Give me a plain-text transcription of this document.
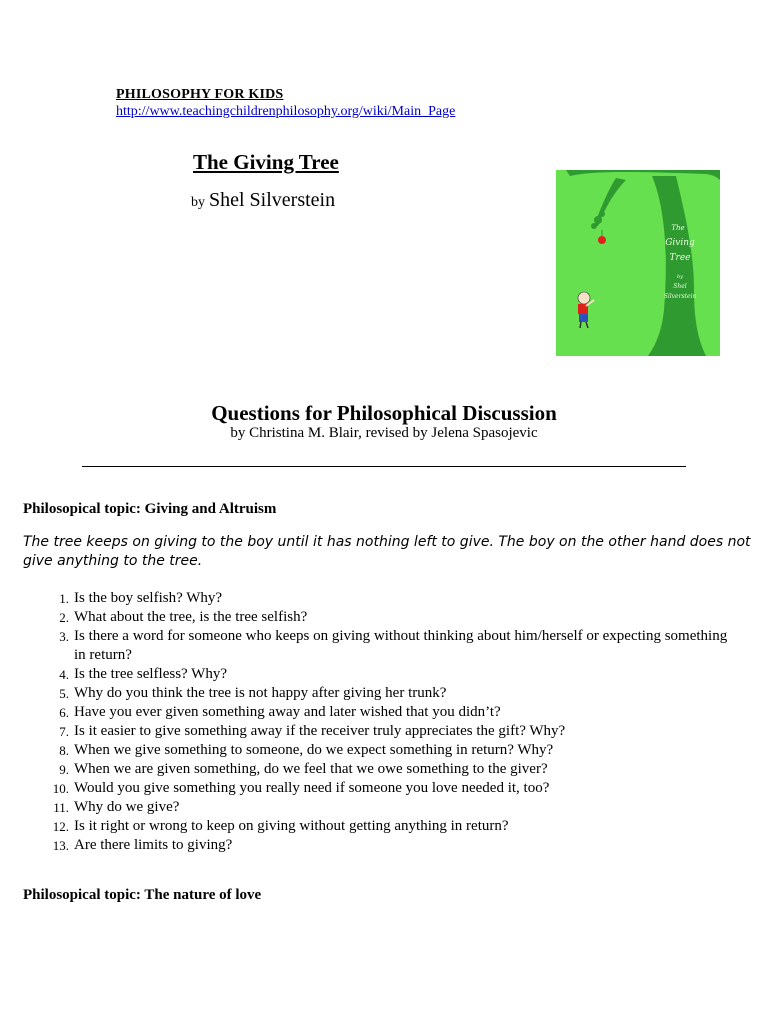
PHILOSOPHY FOR KIDS
http://www.teachingchildrenphilosophy.org/wiki/Main_Page
The Giving Tree
by Shel Silverstein
The
Giving
Tree
by
Shel
Silverstein
Questions for Philosophical Discussion
by Christina M. Blair, revised by Jelena Spasojevic
Philosopical topic: Giving and Altruism
The tree keeps on giving to the boy until it has nothing left to give. The boy on the other hand does not give anything to the tree.
1 . Is the boy selfish? Why?
2 . What about the tree, is the tree selfish?
3 . Is there a word for someone who keeps on giving without thinking about him/herself or expecting something in return?
4 . Is the tree selfless? Why?
5 . Why do you think the tree is not happy after giving her trunk?
6 . Have you ever given something away and later wished that you didn’t?
7 . Is it easier to give something away if the receiver truly appreciates the gift? Why?
8 . When we give something to someone, do we expect something in return? Why?
9 . When we are given something, do we feel that we owe something to the giver?
10 . Would you give something you really need if someone you love needed it, too?
11 . Why do we give?
12 . Is it right or wrong to keep on giving without getting anything in return?
13 . Are there limits to giving?
Philosopical topic: The nature of love
